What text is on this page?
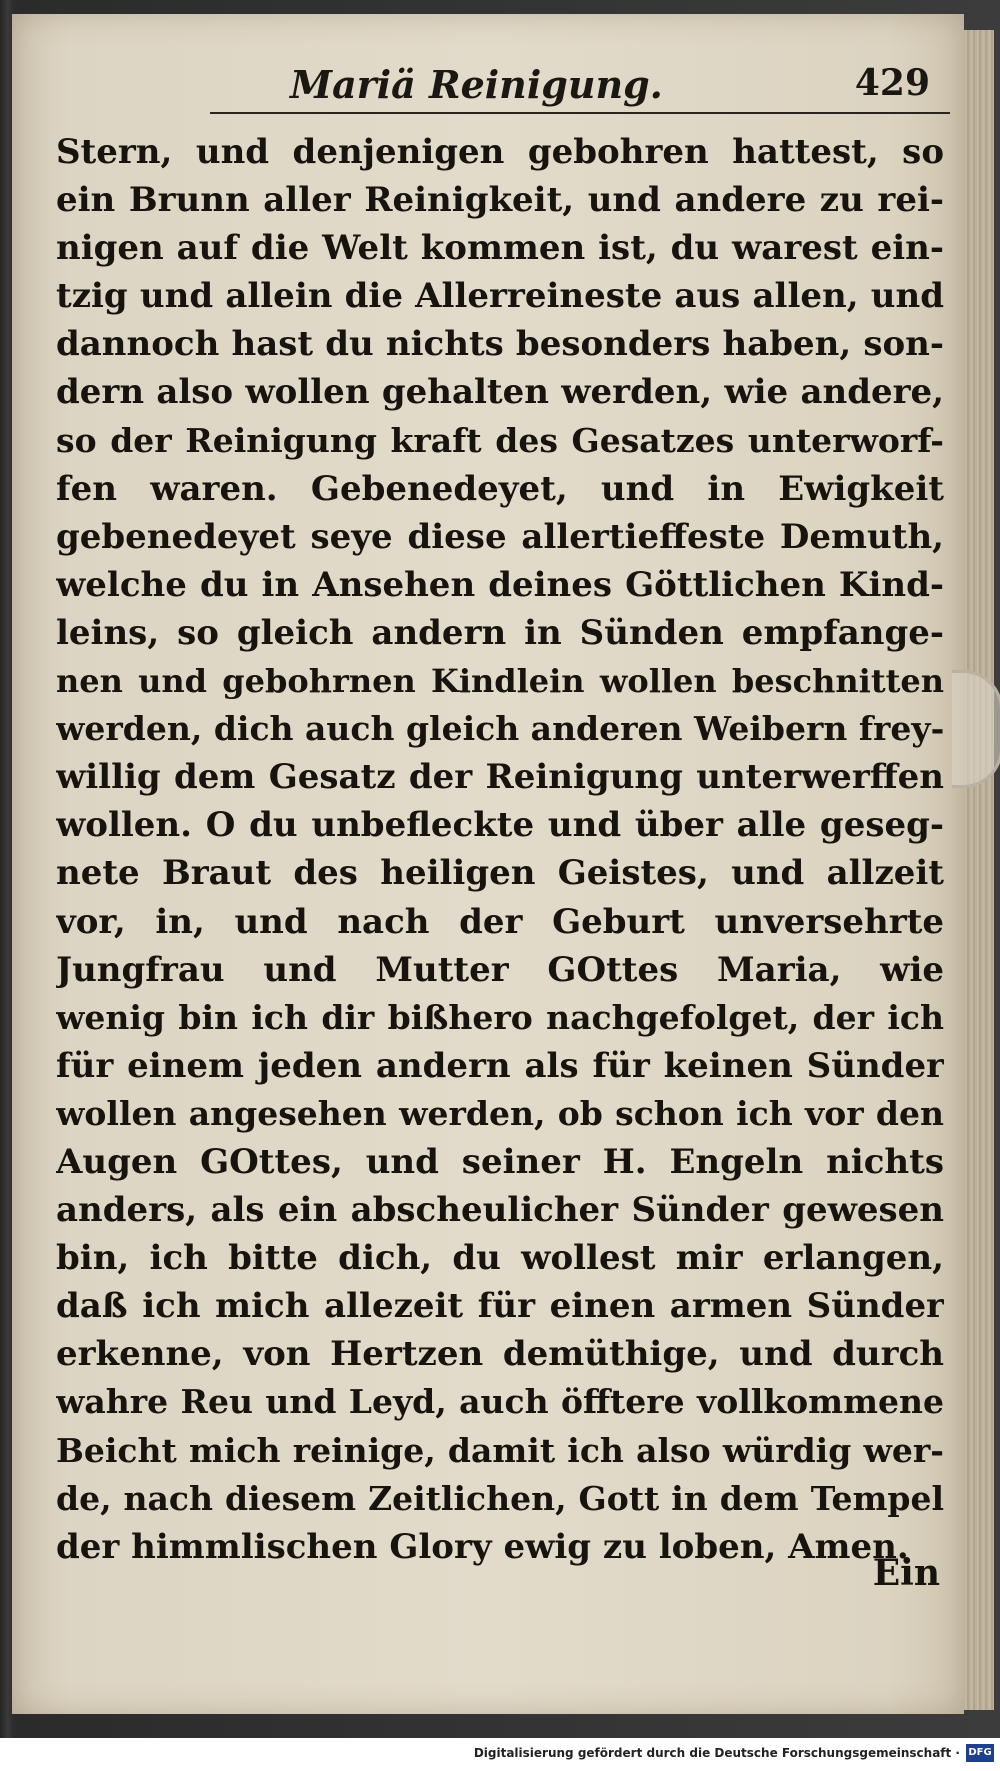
Mariä Reinigung.	429
Stern, und denjenigen gebohren hattest, so
ein Brunn aller Reinigkeit, und andere zu rei-
nigen auf die Welt kommen ist, du warest ein-
tzig und allein die Allerreineste aus allen, und
dannoch hast du nichts besonders haben, son-
dern also wollen gehalten werden, wie andere,
so der Reinigung kraft des Gesatzes unterworf-
fen waren. Gebenedeyet, und in Ewigkeit
gebenedeyet seye diese allertieffeste Demuth,
welche du in Ansehen deines Göttlichen Kind-
leins, so gleich andern in Sünden empfange-
nen und gebohrnen Kindlein wollen beschnitten
werden, dich auch gleich anderen Weibern frey-
willig dem Gesatz der Reinigung unterwerffen
wollen. O du unbefleckte und über alle geseg-
nete Braut des heiligen Geistes, und allzeit
vor, in, und nach der Geburt unversehrte
Jungfrau und Mutter GOttes Maria, wie
wenig bin ich dir bißhero nachgefolget, der ich
für einem jeden andern als für keinen Sünder
wollen angesehen werden, ob schon ich vor den
Augen GOttes, und seiner H. Engeln nichts
anders, als ein abscheulicher Sünder gewesen
bin, ich bitte dich, du wollest mir erlangen,
daß ich mich allezeit für einen armen Sünder
erkenne, von Hertzen demüthige, und durch
wahre Reu und Leyd, auch öfftere vollkommene
Beicht mich reinige, damit ich also würdig wer-
de, nach diesem Zeitlichen, Gott in dem Tempel
der himmlischen Glory ewig zu loben, Amen.
Ein
Digitalisierung gefördert durch die Deutsche Forschungsgemeinschaft · DFG
